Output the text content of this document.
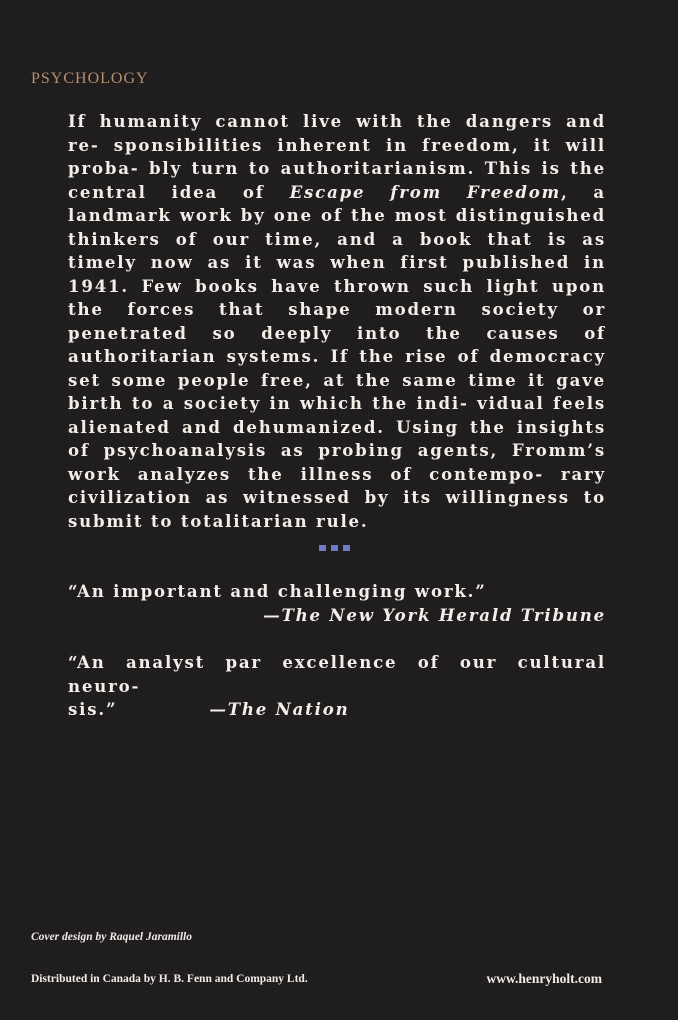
PSYCHOLOGY
If humanity cannot live with the dangers and re- sponsibilities inherent in freedom, it will proba- bly turn to authoritarianism. This is the central idea of Escape from Freedom, a landmark work by one of the most distinguished thinkers of our time, and a book that is as timely now as it was when first published in 1941. Few books have thrown such light upon the forces that shape modern society or penetrated so deeply into the causes of authoritarian systems. If the rise of democracy set some people free, at the same time it gave birth to a society in which the indi- vidual feels alienated and dehumanized. Using the insights of psychoanalysis as probing agents, Fromm’s work analyzes the illness of contempo- rary civilization as witnessed by its willingness to submit to totalitarian rule.
“An important and challenging work.”
—The New York Herald Tribune
“An analyst par excellence of our cultural neuro-
sis.”	—The Nation
Cover design by Raquel Jaramillo
Distributed in Canada by H. B. Fenn and Company Ltd.	www.henryholt.com
